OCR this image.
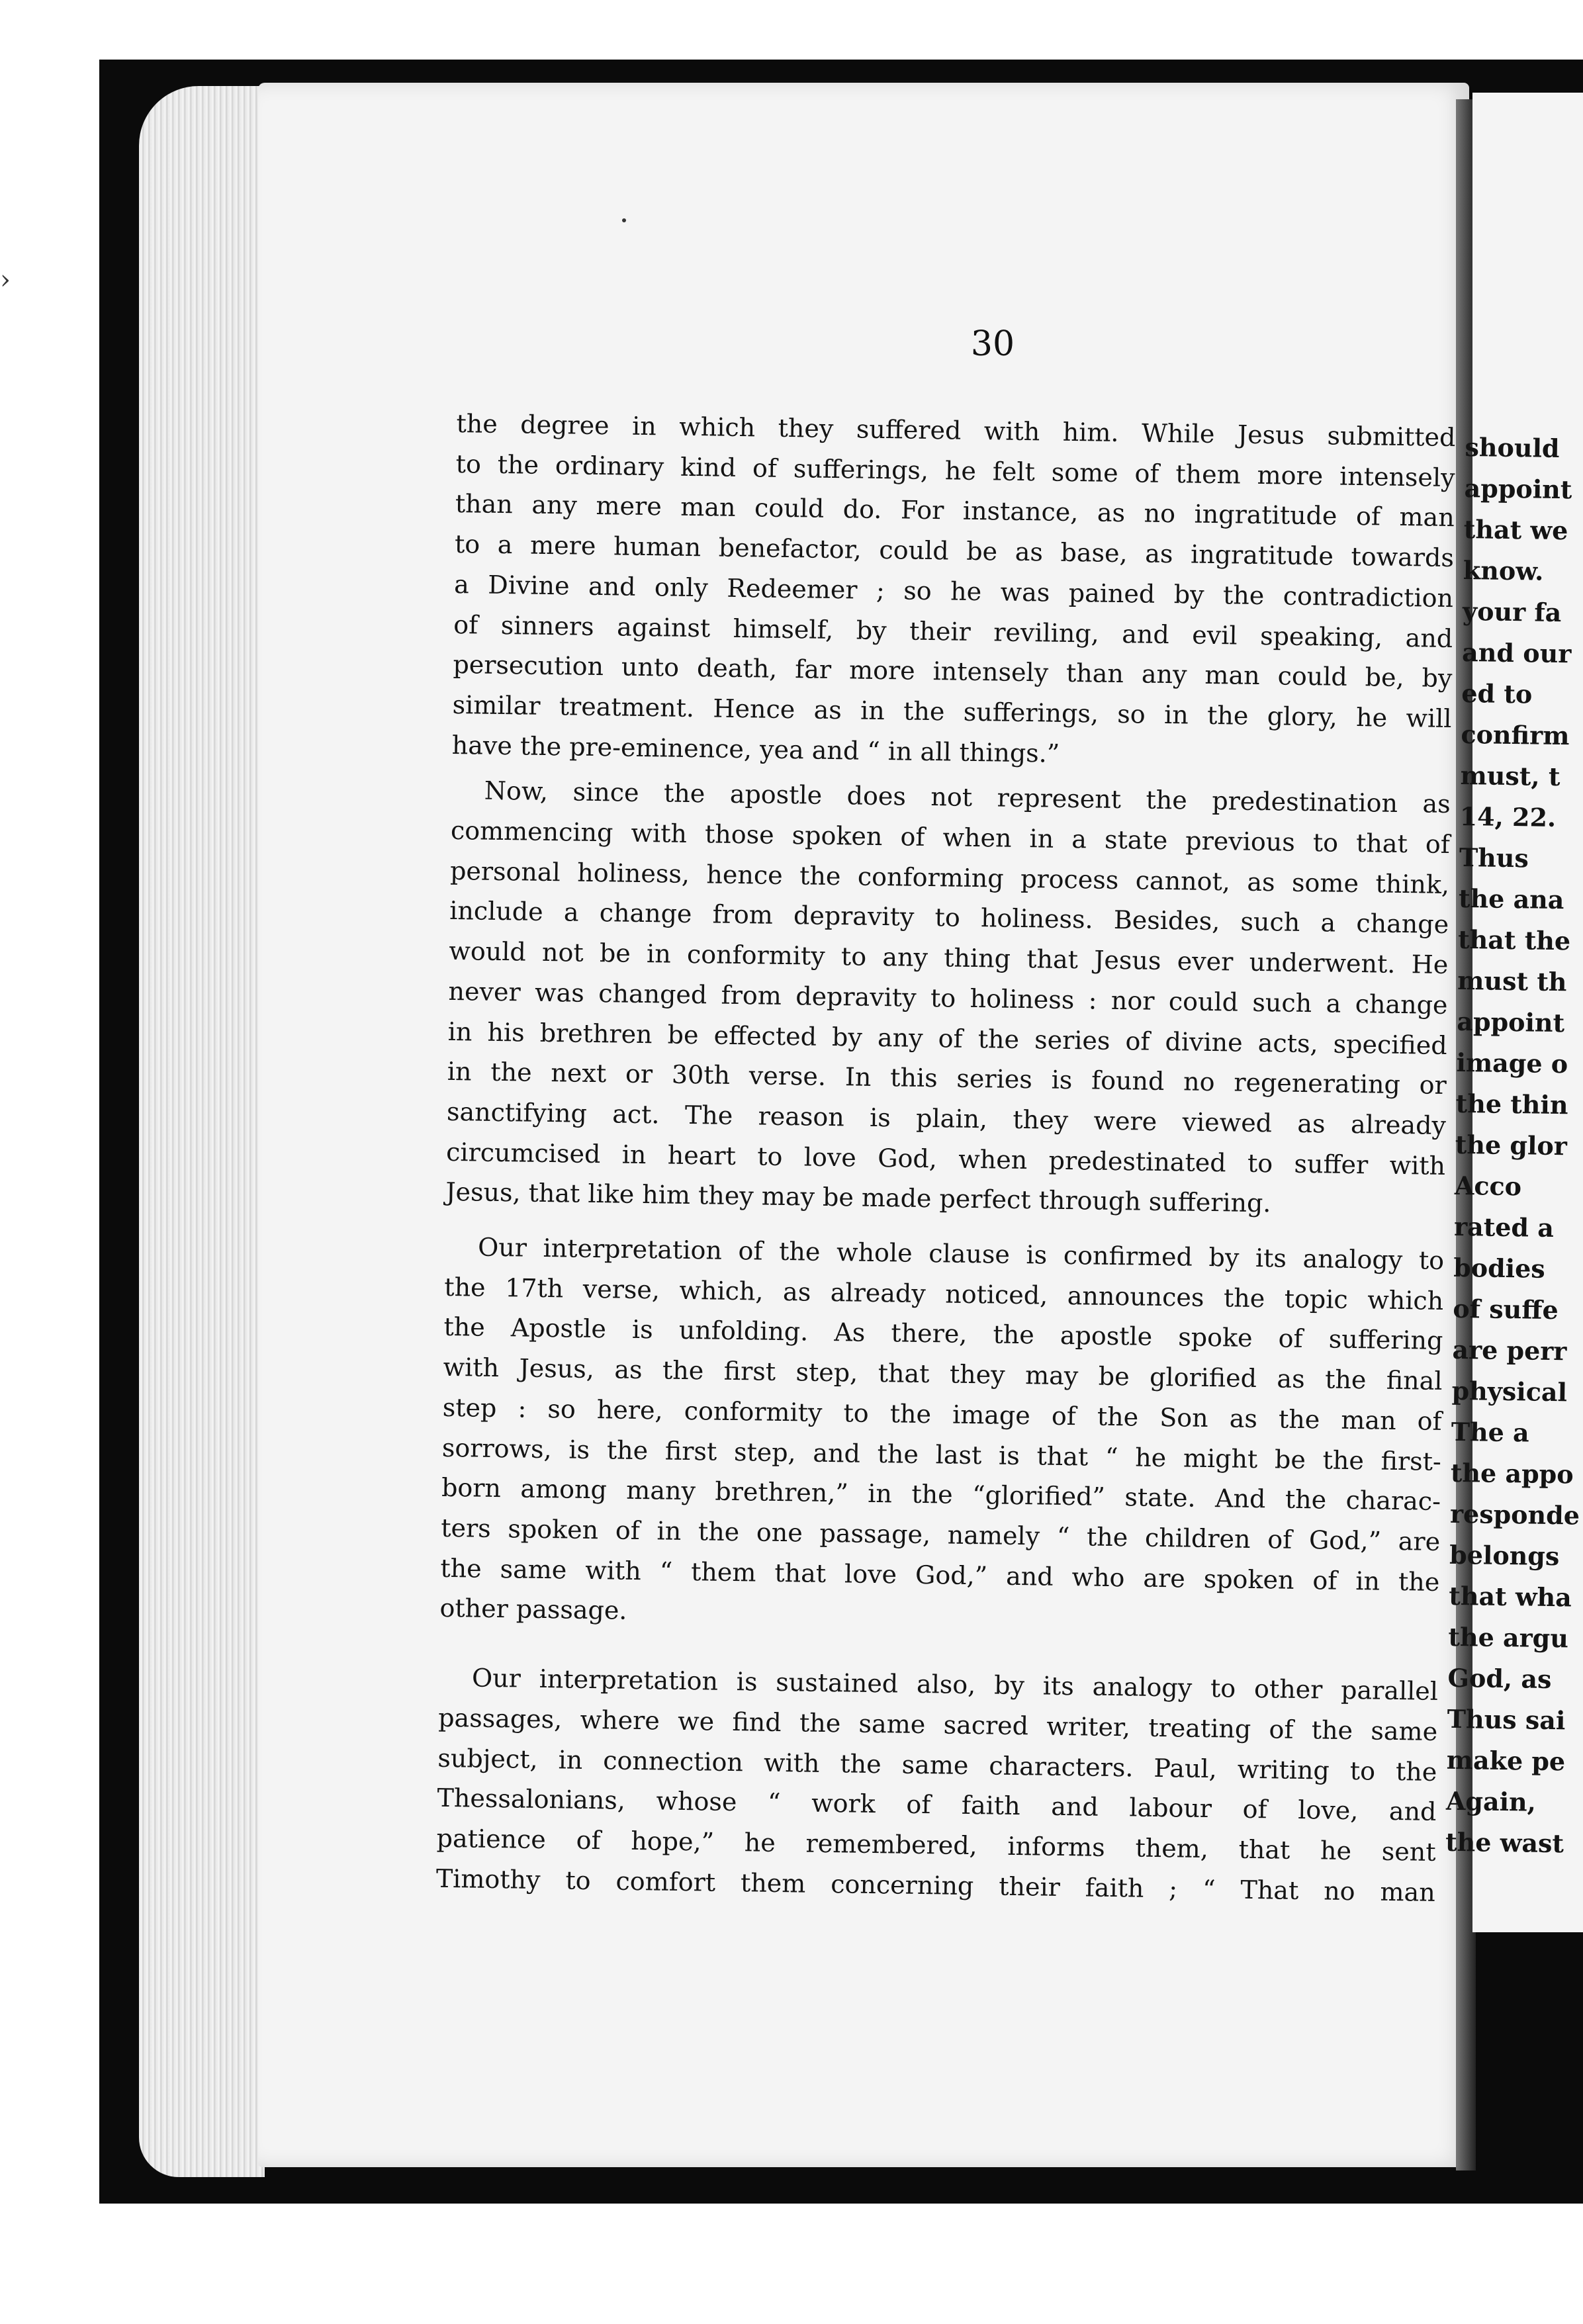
›
30
the degree in which they suffered with him. While Jesus submitted
to the ordinary kind of sufferings, he felt some of them more intensely
than any mere man could do. For instance, as no ingratitude of man
to a mere human benefactor, could be as base, as ingratitude towards
a Divine and only Redeemer ; so he was pained by the contradiction
of sinners against himself, by their reviling, and evil speaking, and
persecution unto death, far more intensely than any man could be, by
similar treatment. Hence as in the sufferings, so in the glory, he will
have the pre-eminence, yea and “ in all things.”
Now, since the apostle does not represent the predestination as
commencing with those spoken of when in a state previous to that of
personal holiness, hence the conforming process cannot, as some think,
include a change from depravity to holiness. Besides, such a change
would not be in conformity to any thing that Jesus ever underwent. He
never was changed from depravity to holiness : nor could such a change
in his brethren be effected by any of the series of divine acts, specified
in the next or 30th verse. In this series is found no regenerating or
sanctifying act. The reason is plain, they were viewed as already
circumcised in heart to love God, when predestinated to suffer with
Jesus, that like him they may be made perfect through suffering.
Our interpretation of the whole clause is confirmed by its analogy to
the 17th verse, which, as already noticed, announces the topic which
the Apostle is unfolding. As there, the apostle spoke of suffering
with Jesus, as the first step, that they may be glorified as the final
step : so here, conformity to the image of the Son as the man of
sorrows, is the first step, and the last is that “ he might be the first-
born among many brethren,” in the “glorified” state. And the charac-
ters spoken of in the one passage, namely “ the children of God,” are
the same with “ them that love God,” and who are spoken of in the
other passage.
Our interpretation is sustained also, by its analogy to other parallel
passages, where we find the same sacred writer, treating of the same
subject, in connection with the same characters. Paul, writing to the
Thessalonians, whose “ work of faith and labour of love, and
patience of hope,” he remembered, informs them, that he sent
Timothy to comfort them concerning their faith ; “ That no man
should
appoint
that we
know.
your fa
and our
ed to
confirm
must, t
14, 22.
Thus
the ana
that the
must th
appoint
image o
the thin
the glor
Acco
rated a
bodies
of suffe
are perr
physical
The a
the appo
responde
belongs
that wha
the argu
God, as
Thus sai
make pe
Again,
the wast
